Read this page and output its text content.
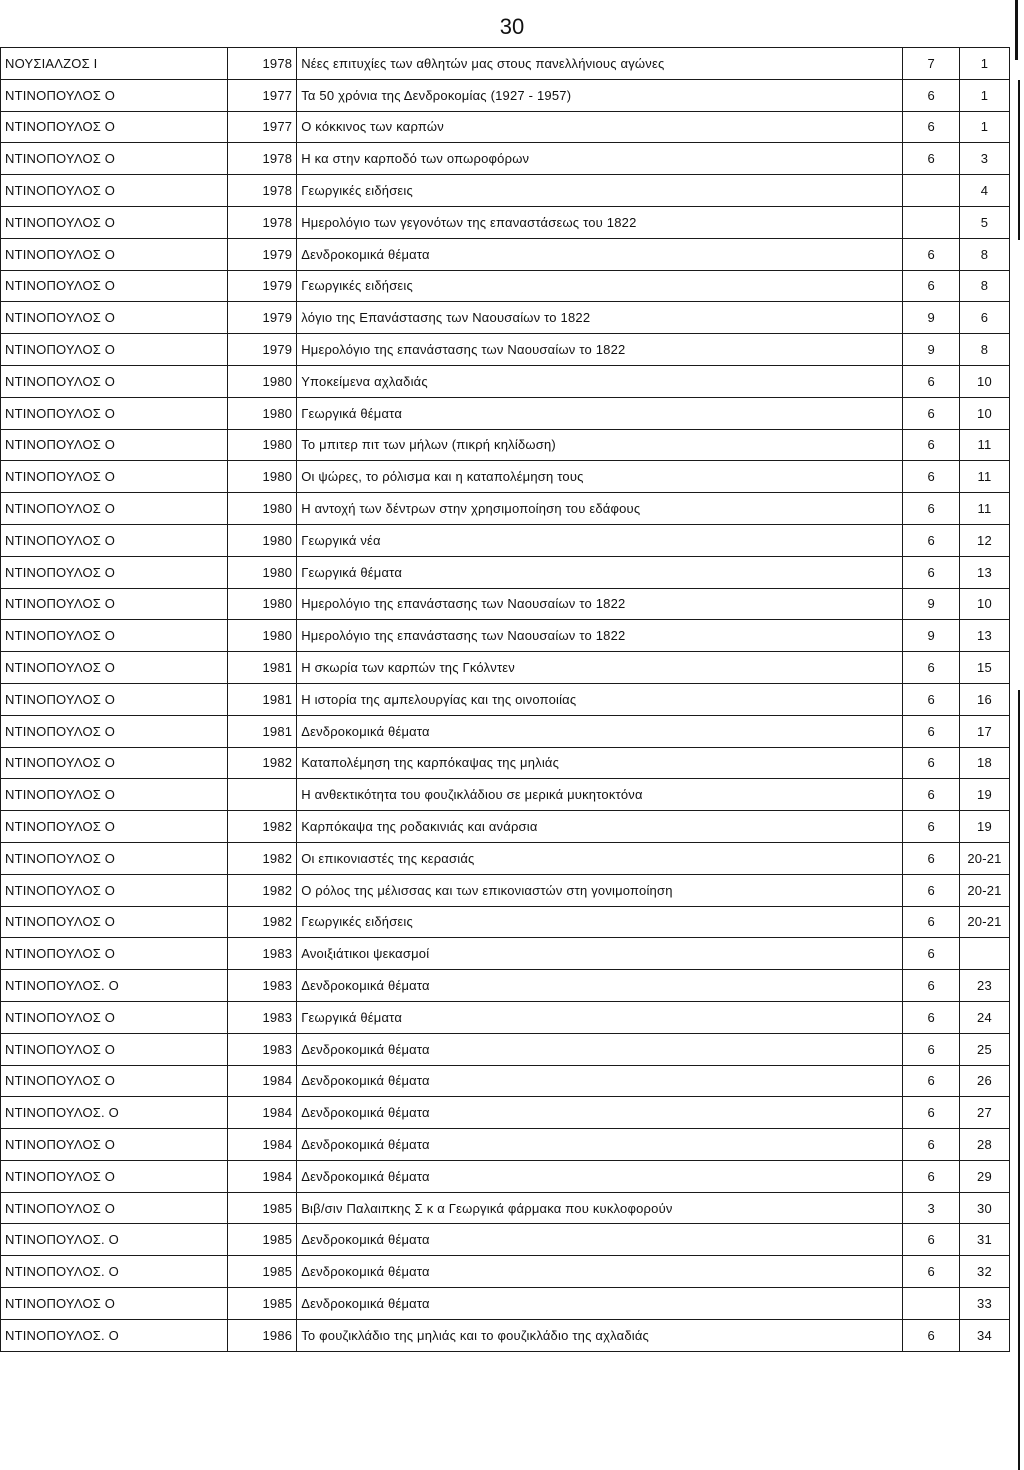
30
ΝΟΥΣΙΑΛΖΟΣ Ι	1978	Νέες επιτυχίες των αθλητών μας στους πανελλήνιους αγώνες	7	1
ΝΤΙΝΟΠΟΥΛΟΣ Ο	1977	Τα 50 χρόνια της Δενδροκομίας (1927 - 1957)	6	1
ΝΤΙΝΟΠΟΥΛΟΣ Ο	1977	Ο κόκκινος των καρπών	6	1
ΝΤΙΝΟΠΟΥΛΟΣ Ο	1978	Η κα στην καρποδό των οπωροφόρων	6	3
ΝΤΙΝΟΠΟΥΛΟΣ Ο	1978	Γεωργικές ειδήσεις		4
ΝΤΙΝΟΠΟΥΛΟΣ Ο	1978	Ημερολόγιο των γεγονότων της επαναστάσεως του 1822		5
ΝΤΙΝΟΠΟΥΛΟΣ Ο	1979	Δενδροκομικά θέματα	6	8
ΝΤΙΝΟΠΟΥΛΟΣ Ο	1979	Γεωργικές ειδήσεις	6	8
ΝΤΙΝΟΠΟΥΛΟΣ Ο	1979	λόγιο της Επανάστασης των Ναουσαίων το 1822	9	6
ΝΤΙΝΟΠΟΥΛΟΣ Ο	1979	Ημερολόγιο της επανάστασης των Ναουσαίων το 1822	9	8
ΝΤΙΝΟΠΟΥΛΟΣ Ο	1980	Υποκείμενα αχλαδιάς	6	10
ΝΤΙΝΟΠΟΥΛΟΣ Ο	1980	Γεωργικά θέματα	6	10
ΝΤΙΝΟΠΟΥΛΟΣ Ο	1980	Το μπιτερ πιτ των μήλων (πικρή κηλίδωση)	6	11
ΝΤΙΝΟΠΟΥΛΟΣ Ο	1980	Οι ψώρες, το ρόλισμα και η καταπολέμηση τους	6	11
ΝΤΙΝΟΠΟΥΛΟΣ Ο	1980	Η αντοχή των δέντρων στην χρησιμοποίηση του εδάφους	6	11
ΝΤΙΝΟΠΟΥΛΟΣ Ο	1980	Γεωργικά νέα	6	12
ΝΤΙΝΟΠΟΥΛΟΣ Ο	1980	Γεωργικά θέματα	6	13
ΝΤΙΝΟΠΟΥΛΟΣ Ο	1980	Ημερολόγιο της επανάστασης των Ναουσαίων το 1822	9	10
ΝΤΙΝΟΠΟΥΛΟΣ Ο	1980	Ημερολόγιο της επανάστασης των Ναουσαίων το 1822	9	13
ΝΤΙΝΟΠΟΥΛΟΣ Ο	1981	Η σκωρία των καρπών της Γκόλντεν	6	15
ΝΤΙΝΟΠΟΥΛΟΣ Ο	1981	Η ιστορία της αμπελουργίας και της οινοποιίας	6	16
ΝΤΙΝΟΠΟΥΛΟΣ Ο	1981	Δενδροκομικά θέματα	6	17
ΝΤΙΝΟΠΟΥΛΟΣ Ο	1982	Καταπολέμηση της καρπόκαψας της μηλιάς	6	18
ΝΤΙΝΟΠΟΥΛΟΣ Ο		Η ανθεκτικότητα του φουζικλάδιου σε μερικά μυκητοκτόνα	6	19
ΝΤΙΝΟΠΟΥΛΟΣ Ο	1982	Καρπόκαψα της ροδακινιάς και ανάρσια	6	19
ΝΤΙΝΟΠΟΥΛΟΣ Ο	1982	Οι επικονιαστές της κερασιάς	6	20-21
ΝΤΙΝΟΠΟΥΛΟΣ Ο	1982	Ο ρόλος της μέλισσας και των επικονιαστών στη γονιμοποίηση	6	20-21
ΝΤΙΝΟΠΟΥΛΟΣ Ο	1982	Γεωργικές ειδήσεις	6	20-21
ΝΤΙΝΟΠΟΥΛΟΣ Ο	1983	Ανοιξιάτικοι ψεκασμοί	6	
ΝΤΙΝΟΠΟΥΛΟΣ. Ο	1983	Δενδροκομικά θέματα	6	23
ΝΤΙΝΟΠΟΥΛΟΣ Ο	1983	Γεωργικά θέματα	6	24
ΝΤΙΝΟΠΟΥΛΟΣ Ο	1983	Δενδροκομικά θέματα	6	25
ΝΤΙΝΟΠΟΥΛΟΣ Ο	1984	Δενδροκομικά θέματα	6	26
ΝΤΙΝΟΠΟΥΛΟΣ. Ο	1984	Δενδροκομικά θέματα	6	27
ΝΤΙΝΟΠΟΥΛΟΣ Ο	1984	Δενδροκομικά θέματα	6	28
ΝΤΙΝΟΠΟΥΛΟΣ Ο	1984	Δενδροκομικά θέματα	6	29
ΝΤΙΝΟΠΟΥΛΟΣ Ο	1985	Βιβ/σιν Παλαιπκης Σ κ α Γεωργικά φάρμακα που κυκλοφορούν	3	30
ΝΤΙΝΟΠΟΥΛΟΣ. Ο	1985	Δενδροκομικά θέματα	6	31
ΝΤΙΝΟΠΟΥΛΟΣ. Ο	1985	Δενδροκομικά θέματα	6	32
ΝΤΙΝΟΠΟΥΛΟΣ Ο	1985	Δενδροκομικά θέματα		33
ΝΤΙΝΟΠΟΥΛΟΣ. Ο	1986	Το φουζικλάδιο της μηλιάς και το φουζικλάδιο της αχλαδιάς	6	34
